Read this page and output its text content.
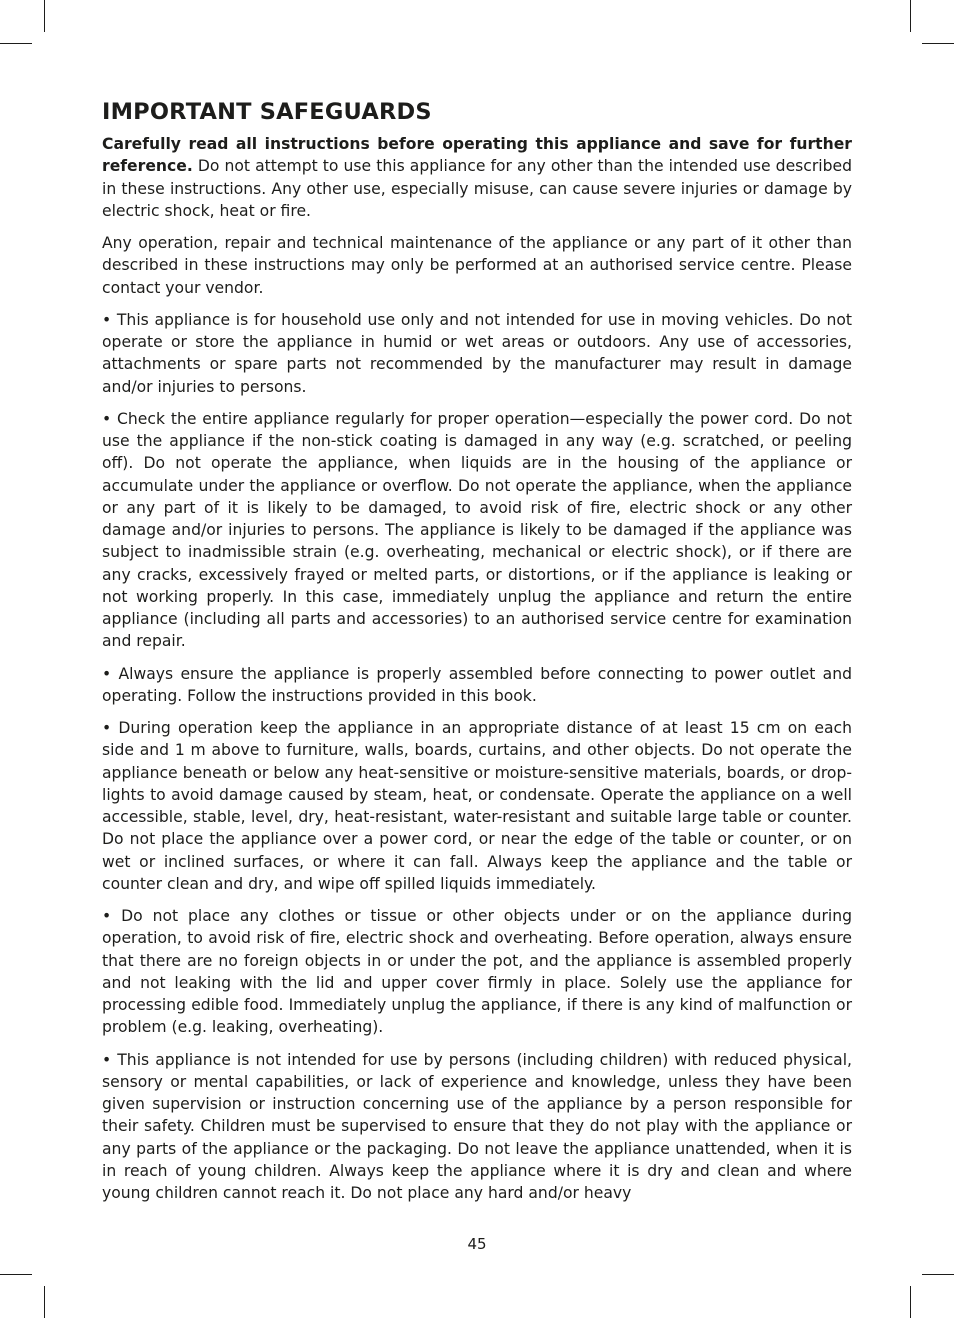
IMPORTANT SAFEGUARDS

Carefully read all instructions before operating this appliance and save for further reference. Do not attempt to use this appliance for any other than the intended use described in these instructions. Any other use, especially misuse, can cause severe injuries or damage by electric shock, heat or fire.

Any operation, repair and technical maintenance of the appliance or any part of it other than described in these instructions may only be performed at an authorised service centre. Please contact your vendor.

• This appliance is for household use only and not intended for use in moving vehicles. Do not operate or store the appliance in humid or wet areas or outdoors. Any use of accessories, attachments or spare parts not recommended by the manufacturer may result in damage and/or injuries to persons.

• Check the entire appliance regularly for proper operation—especially the power cord. Do not use the appliance if the non-stick coating is damaged in any way (e.g. scratched, or peeling off). Do not operate the appliance, when liquids are in the housing of the appliance or accumulate under the appliance or overflow. Do not operate the appliance, when the appliance or any part of it is likely to be damaged, to avoid risk of fire, electric shock or any other damage and/or injuries to persons. The appliance is likely to be damaged if the appliance was subject to inadmissible strain (e.g. overheating, mechanical or electric shock), or if there are any cracks, excessively frayed or melted parts, or distortions, or if the appliance is leaking or not working properly. In this case, immediately unplug the appliance and return the entire appliance (including all parts and accessories) to an authorised service centre for examination and repair.

• Always ensure the appliance is properly assembled before connecting to power outlet and operating. Follow the instructions provided in this book.

• During operation keep the appliance in an appropriate distance of at least 15 cm on each side and 1 m above to furniture, walls, boards, curtains, and other objects. Do not operate the appliance beneath or below any heat-sensitive or moisture-sensitive materials, boards, or drop-lights to avoid damage caused by steam, heat, or condensate. Operate the appliance on a well accessible, stable, level, dry, heat-resistant, water-resistant and suitable large table or counter. Do not place the appliance over a power cord, or near the edge of the table or counter, or on wet or inclined surfaces, or where it can fall. Always keep the appliance and the table or counter clean and dry, and wipe off spilled liquids immediately.

• Do not place any clothes or tissue or other objects under or on the appliance during operation, to avoid risk of fire, electric shock and overheating. Before operation, always ensure that there are no foreign objects in or under the pot, and the appliance is assembled properly and not leaking with the lid and upper cover firmly in place. Solely use the appliance for processing edible food. Immediately unplug the appliance, if there is any kind of malfunction or problem (e.g. leaking, overheating).

• This appliance is not intended for use by persons (including children) with reduced physical, sensory or mental capabilities, or lack of experience and knowledge, unless they have been given supervision or instruction concerning use of the appliance by a person responsible for their safety. Children must be supervised to ensure that they do not play with the appliance or any parts of the appliance or the packaging. Do not leave the appliance unattended, when it is in reach of young children. Always keep the appliance where it is dry and clean and where young children cannot reach it. Do not place any hard and/or heavy

45
